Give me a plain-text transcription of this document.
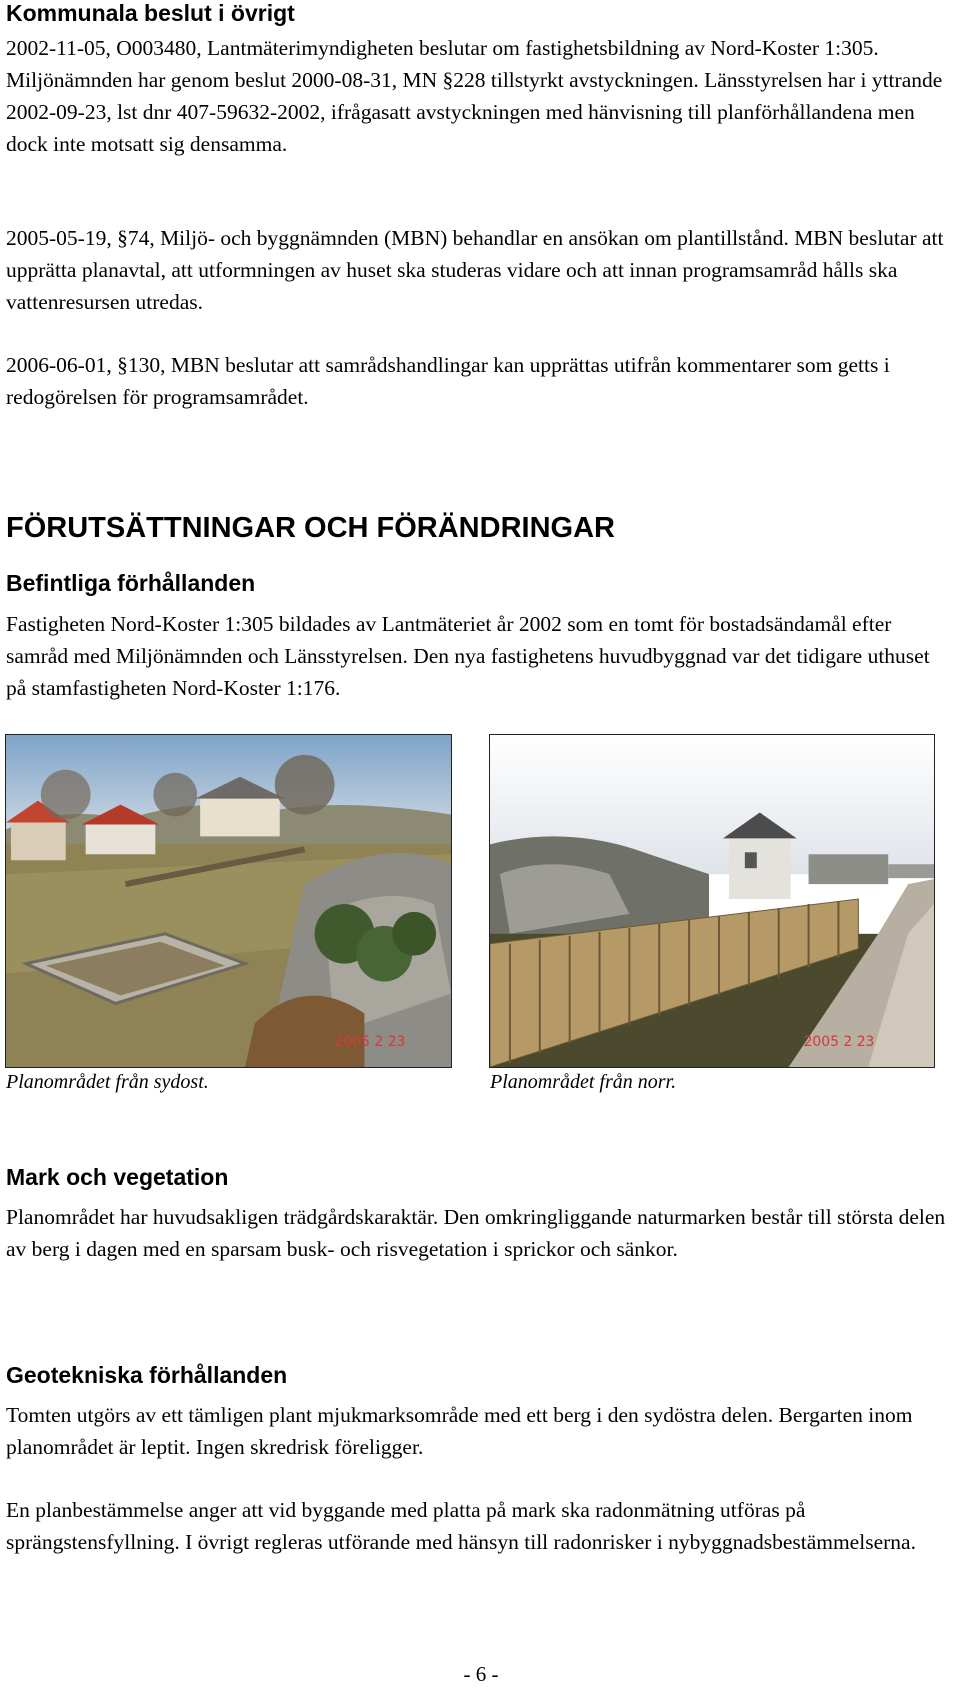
Kommunala beslut i övrigt

2002-11-05, O003480, Lantmäterimyndigheten beslutar om fastighetsbildning av Nord-Koster 1:305. Miljönämnden har genom beslut 2000-08-31, MN §228 tillstyrkt avstyckningen. Länsstyrelsen har i yttrande 2002-09-23, lst dnr 407-59632-2002, ifrågasatt avstyckningen med hänvisning till planförhållandena men dock inte motsatt sig densamma.

2005-05-19, §74, Miljö- och byggnämnden (MBN) behandlar en ansökan om plantillstånd. MBN beslutar att upprätta planavtal, att utformningen av huset ska studeras vidare och att innan programsamråd hålls ska vattenresursen utredas.

2006-06-01, §130, MBN beslutar att samrådshandlingar kan upprättas utifrån kommentarer som getts i redogörelsen för programsamrådet.

FÖRUTSÄTTNINGAR OCH FÖRÄNDRINGAR
Befintliga förhållanden

Fastigheten Nord-Koster 1:305 bildades av Lantmäteriet år 2002 som en tomt för bostadsändamål efter samråd med Miljönämnden och Länsstyrelsen. Den nya fastighetens huvudbyggnad var det tidigare uthuset på stamfastigheten Nord-Koster 1:176.

2005 2 23
Planområdet från sydost.
2005 2 23
Planområdet från norr.
Mark och vegetation

Planområdet har huvudsakligen trädgårdskaraktär. Den omkringliggande naturmarken består till största delen av berg i dagen med en sparsam busk- och risvegetation i sprickor och sänkor.

Geotekniska förhållanden

Tomten utgörs av ett tämligen plant mjukmarksområde med ett berg i den sydöstra delen. Bergarten inom planområdet är leptit. Ingen skredrisk föreligger.

En planbestämmelse anger att vid byggande med platta på mark ska radonmätning utföras på sprängstensfyllning. I övrigt regleras utförande med hänsyn till radonrisker i nybyggnadsbestämmelserna.

- 6 -
